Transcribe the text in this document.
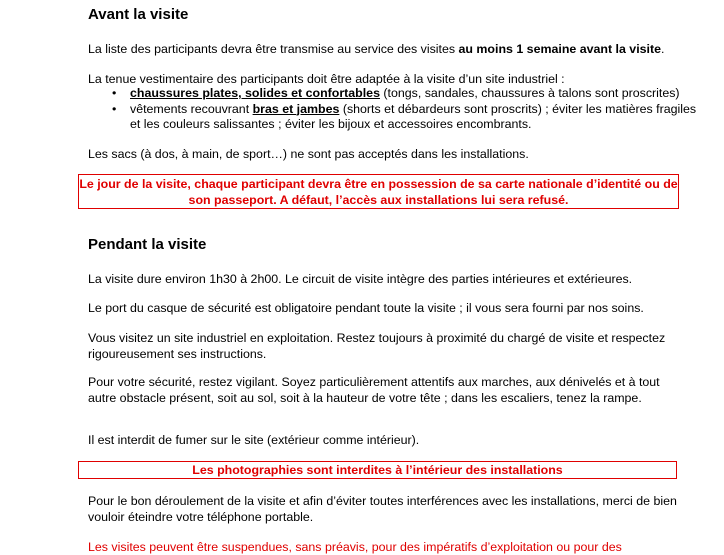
Avant la visite

La liste des participants devra être transmise au service des visites au moins 1 semaine avant la visite.

La tenue vestimentaire des participants doit être adaptée à la visite d’un site industriel :

• chaussures plates, solides et confortables (tongs, sandales, chaussures à talons sont proscrites)
• vêtements recouvrant bras et jambes (shorts et débardeurs sont proscrits) ; éviter les matières fragiles et les couleurs salissantes ; éviter les bijoux et accessoires encombrants.

Les sacs (à dos, à main, de sport…) ne sont pas acceptés dans les installations.

Le jour de la visite, chaque participant devra être en possession de sa carte nationale d’identité ou de
son passeport. A défaut, l’accès aux installations lui sera refusé.
Pendant la visite

La visite dure environ 1h30 à 2h00. Le circuit de visite intègre des parties intérieures et extérieures.

Le port du casque de sécurité est obligatoire pendant toute la visite ; il vous sera fourni par nos soins.

Vous visitez un site industriel en exploitation. Restez toujours à proximité du chargé de visite et respectez rigoureusement ses instructions.

Pour votre sécurité, restez vigilant. Soyez particulièrement attentifs aux marches, aux dénivelés et à tout autre obstacle présent, soit au sol, soit à la hauteur de votre tête ; dans les escaliers, tenez la rampe.

Il est interdit de fumer sur le site (extérieur comme intérieur).

Les photographies sont interdites à l’intérieur des installations

Pour le bon déroulement de la visite et afin d’éviter toutes interférences avec les installations, merci de bien vouloir éteindre votre téléphone portable.

Les visites peuvent être suspendues, sans préavis, pour des impératifs d’exploitation ou pour des
